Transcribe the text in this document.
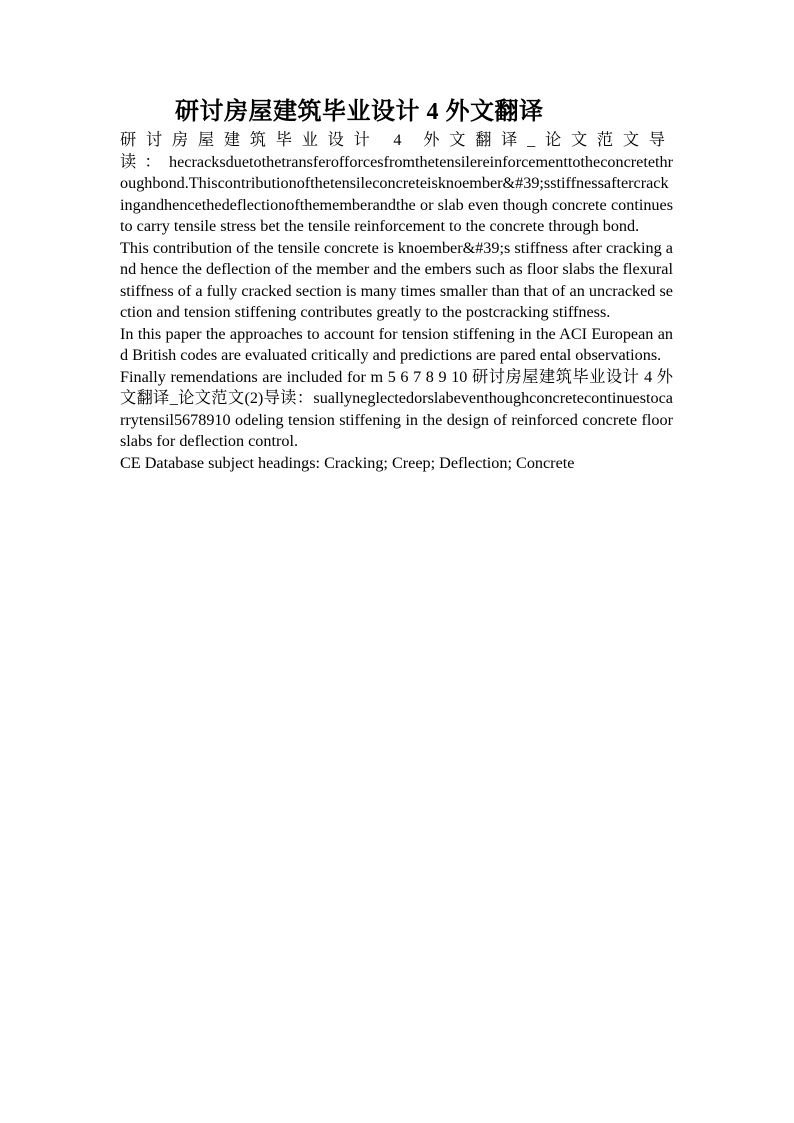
研讨房屋建筑毕业设计 4 外文翻译

研讨房屋建筑毕业设计 4 外文翻译_论文范文导读：hecracksduetothetransferofforcesfromthetensilereinforcementtotheconcretethroughbond.Thiscontributionofthetensileconcreteisknoember&#39;sstiffnessaftercrackingandhencethedeflectionofthememberandthe or slab even though concrete continues to carry tensile stress bet the tensile reinforcement to the concrete through bond.

This contribution of the tensile concrete is knoember&#39;s stiffness after cracking and hence the deflection of the member and the embers such as floor slabs the flexural stiffness of a fully cracked section is many times smaller than that of an uncracked section and tension stiffening contributes greatly to the postcracking stiffness.

In this paper the approaches to account for tension stiffening in the ACI European and British codes are evaluated critically and predictions are pared ental observations.

Finally remendations are included for m 5 6 7 8 9 10 研讨房屋建筑毕业设计 4 外文翻译_论文范文(2)导读：suallyneglectedorslabeventhoughconcretecontinuestocarrytensil5678910 odeling tension stiffening in the design of reinforced concrete floor slabs for deflection control.

CE Database subject headings: Cracking; Creep; Deflection; Concrete
